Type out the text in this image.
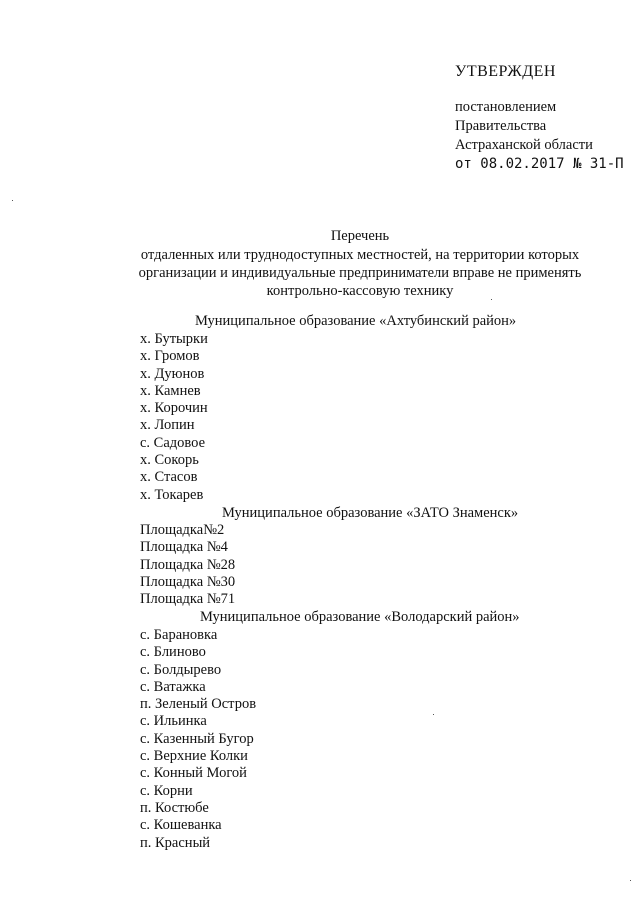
УТВЕРЖДЕН
постановлением
Правительства
Астраханской области
от 08.02.2017 № 31-П
Перечень
отдаленных или труднодоступных местностей, на территории которых
организации и индивидуальные предприниматели вправе не применять
контрольно-кассовую технику
Муниципальное образование «Ахтубинский район»
х. Бутырки
х. Громов
х. Дуюнов
х. Камнев
х. Корочин
х. Лопин
с. Садовое
х. Сокорь
х. Стасов
х. Токарев
Муниципальное образование «ЗАТО Знаменск»
Площадка№2
Площадка №4
Площадка №28
Площадка №30
Площадка №71
Муниципальное образование «Володарский район»
с. Барановка
с. Блиново
с. Болдырево
с. Ватажка
п. Зеленый Остров
с. Ильинка
с. Казенный Бугор
с. Верхние Колки
с. Конный Могой
с. Корни
п. Костюбе
с. Кошеванка
п. Красный
